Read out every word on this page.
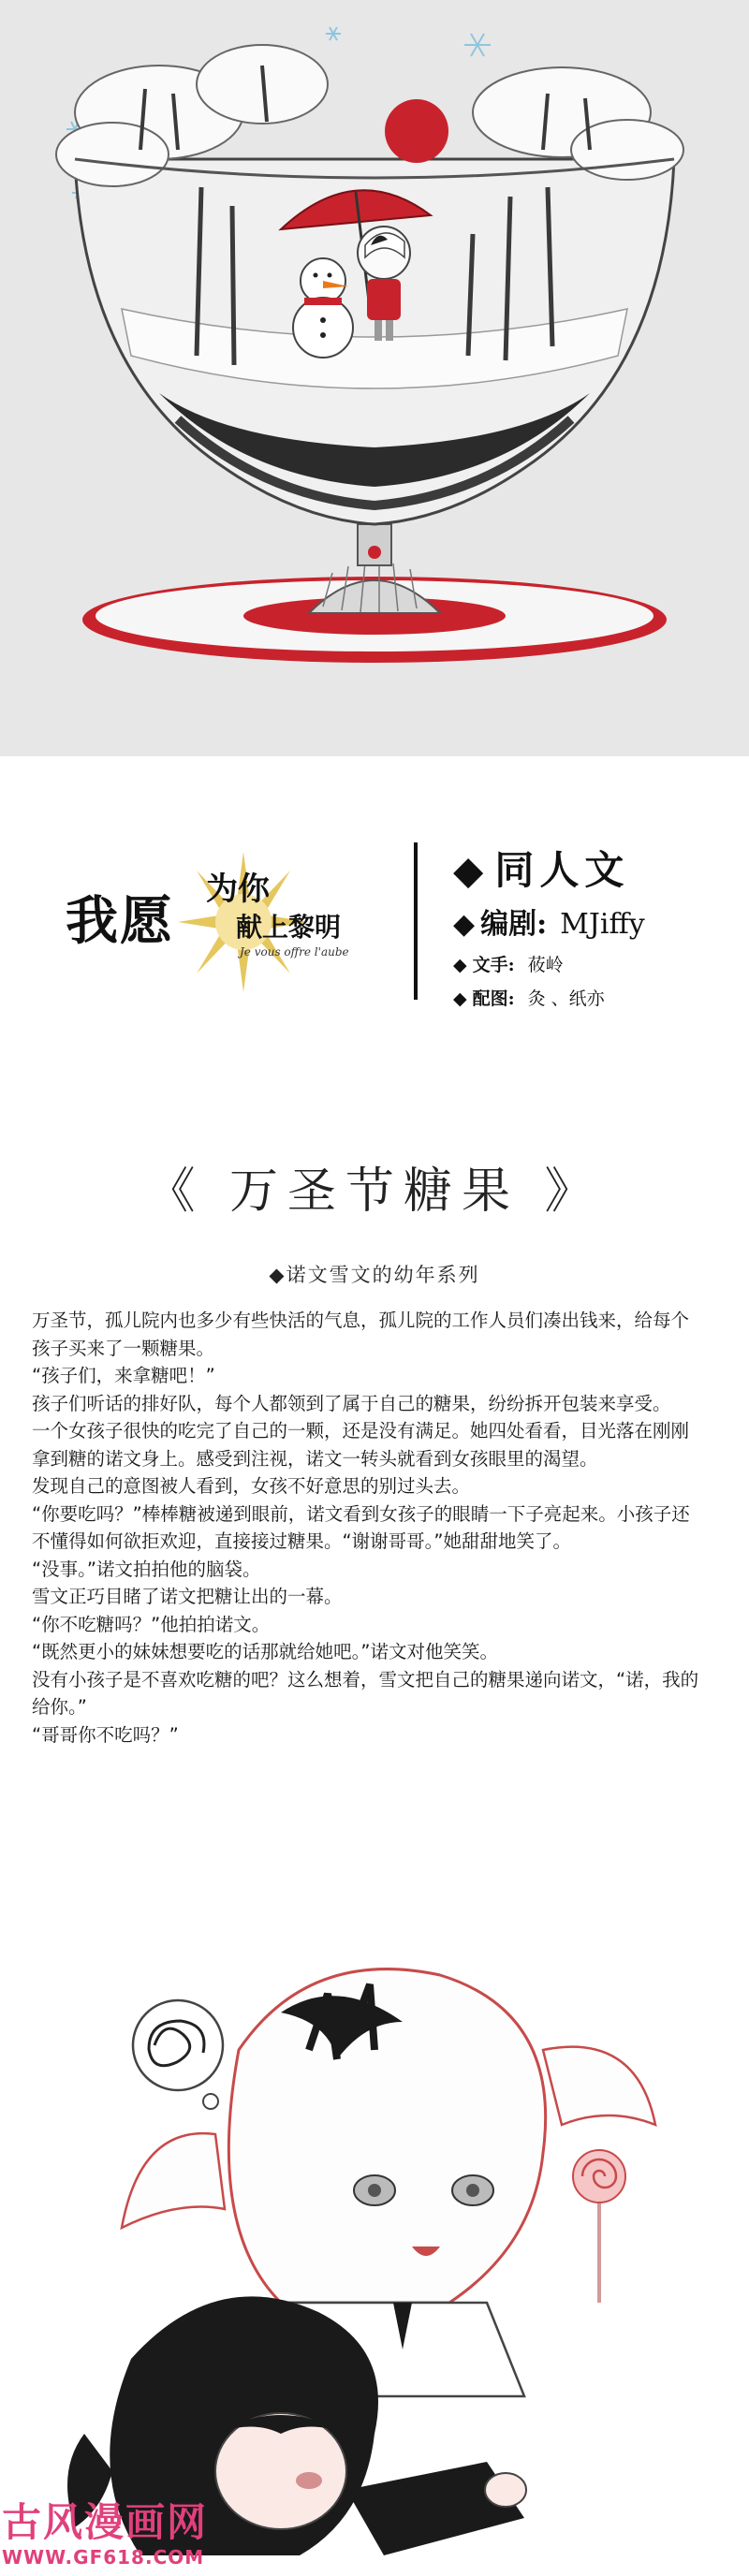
我愿
为你
献上黎明
Je vous offre l'aube
◆ 同人文
◆ 编剧: MJiffy
◆ 文手: 莜岭
◆ 配图: 灸 、纸亦
《 万圣节糖果 》
◆诺文雪文的幼年系列

万圣节，孤儿院内也多少有些快活的气息，孤儿院的工作人员们凑出钱来，给每个孩子买来了一颗糖果。

“孩子们，来拿糖吧！”

孩子们听话的排好队，每个人都领到了属于自己的糖果，纷纷拆开包装来享受。

一个女孩子很快的吃完了自己的一颗，还是没有满足。她四处看看，目光落在刚刚拿到糖的诺文身上。感受到注视，诺文一转头就看到女孩眼里的渴望。

发现自己的意图被人看到，女孩不好意思的别过头去。

“你要吃吗？”棒棒糖被递到眼前，诺文看到女孩子的眼睛一下子亮起来。小孩子还不懂得如何欲拒欢迎，直接接过糖果。“谢谢哥哥。”她甜甜地笑了。

“没事。”诺文拍拍他的脑袋。

雪文正巧目睹了诺文把糖让出的一幕。

“你不吃糖吗？”他拍拍诺文。

“既然更小的妹妹想要吃的话那就给她吧。”诺文对他笑笑。

没有小孩子是不喜欢吃糖的吧？这么想着，雪文把自己的糖果递向诺文，“诺，我的给你。”

“哥哥你不吃吗？”

古风漫画网
WWW.GF618.COM
